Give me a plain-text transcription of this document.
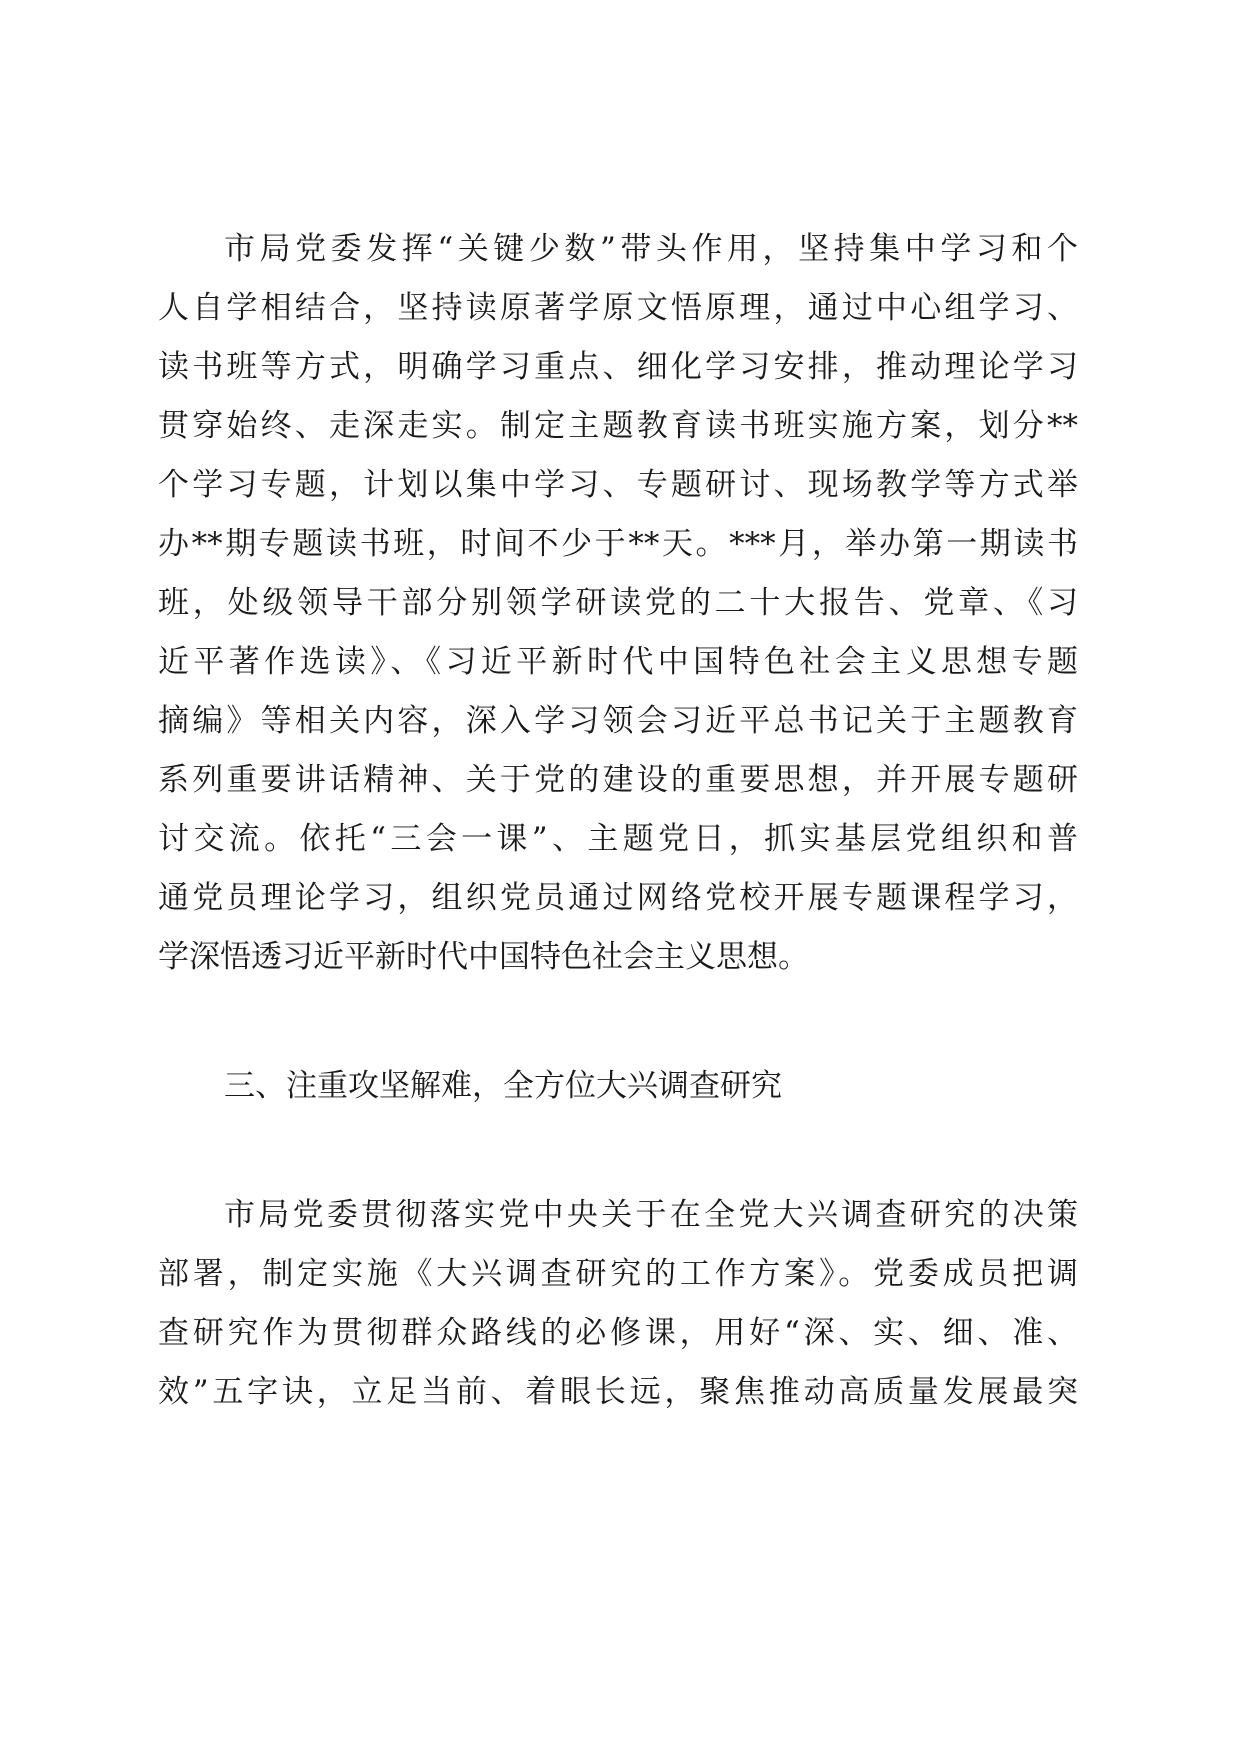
市局党委发挥“关键少数”带头作用，坚持集中学习和个
人自学相结合，坚持读原著学原文悟原理，通过中心组学习、
读书班等方式，明确学习重点、细化学习安排，推动理论学习
贯穿始终、走深走实。制定主题教育读书班实施方案，划分**
个学习专题，计划以集中学习、专题研讨、现场教学等方式举
办**期专题读书班，时间不少于**天。***月，举办第一期读书
班，处级领导干部分别领学研读党的二十大报告、党章、《习
近平著作选读》、《习近平新时代中国特色社会主义思想专题
摘编》等相关内容，深入学习领会习近平总书记关于主题教育
系列重要讲话精神、关于党的建设的重要思想，并开展专题研
讨交流。依托“三会一课”、主题党日，抓实基层党组织和普
通党员理论学习，组织党员通过网络党校开展专题课程学习，
学深悟透习近平新时代中国特色社会主义思想。
三、注重攻坚解难，全方位大兴调查研究
市局党委贯彻落实党中央关于在全党大兴调查研究的决策
部署，制定实施《大兴调查研究的工作方案》。党委成员把调
查研究作为贯彻群众路线的必修课，用好“深、实、细、准、
效”五字诀，立足当前、着眼长远，聚焦推动高质量发展最突
